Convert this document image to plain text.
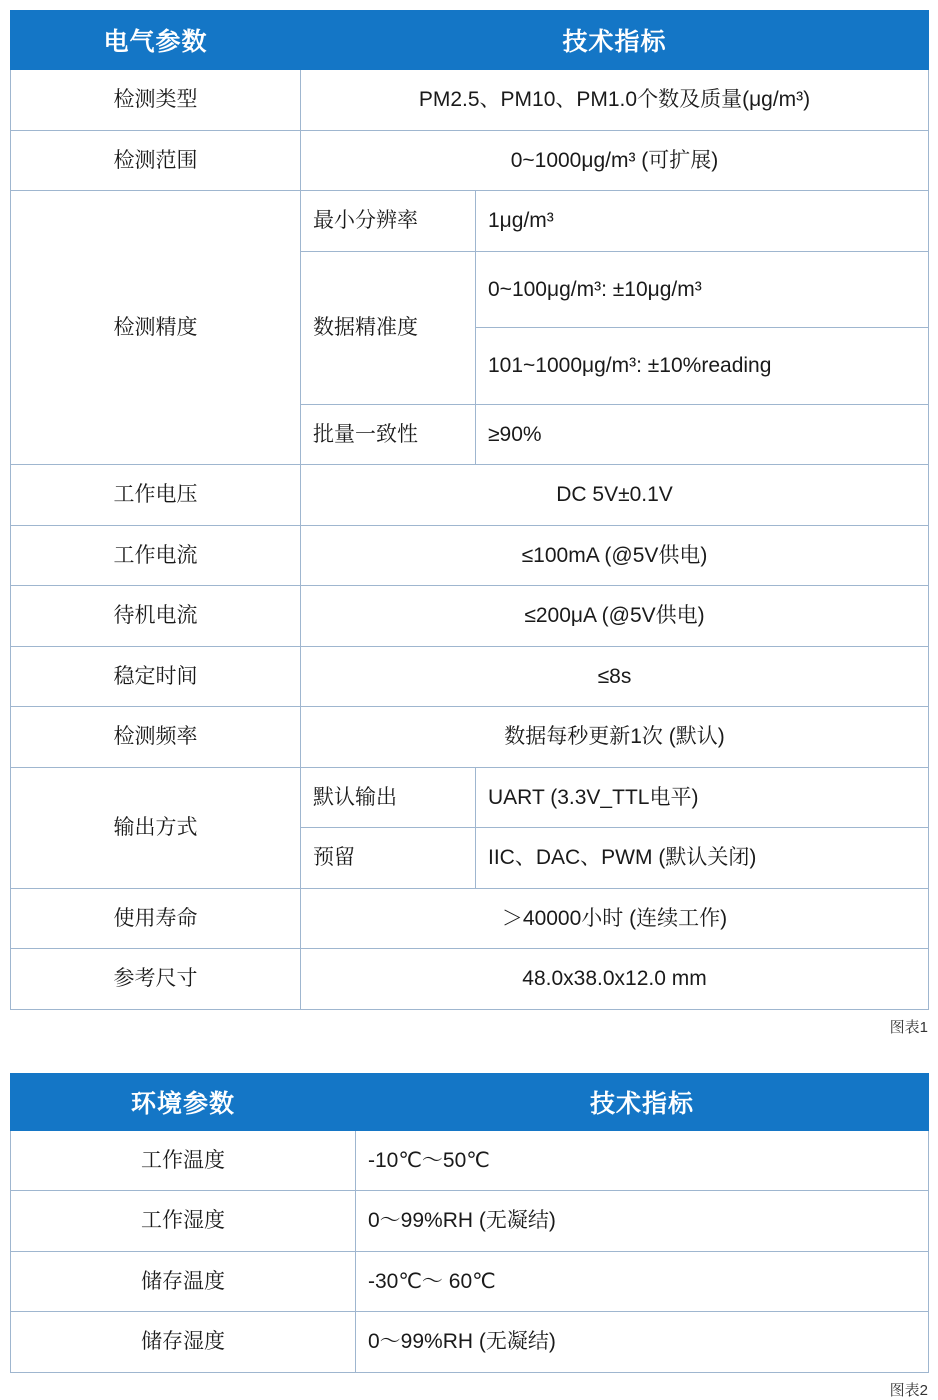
电气参数	技术指标	

检测类型	PM2.5、PM10、PM1.0个数及质量(μg/m³)	

检测范围	0~1000μg/m³ (可扩展)	

检测精度	最小分辨率	1μg/m³

	数据精准度	0~100μg/m³: ±10μg/m³

		101~1000μg/m³: ±10%reading

	批量一致性	≥90%

工作电压	DC 5V±0.1V	

工作电流	≤100mA (@5V供电)	

待机电流	≤200μA (@5V供电)	

稳定时间	≤8s	

检测频率	数据每秒更新1次 (默认)	

输出方式	默认输出	UART (3.3V_TTL电平)

	预留	IIC、DAC、PWM (默认关闭)

使用寿命	＞40000小时 (连续工作)	

参考尺寸	48.0x38.0x12.0 mm	
图表1
环境参数	技术指标

工作温度	-10℃～50℃

工作湿度	0～99%RH (无凝结)

储存温度	-30℃～ 60℃

储存湿度	0～99%RH (无凝结)
图表2
